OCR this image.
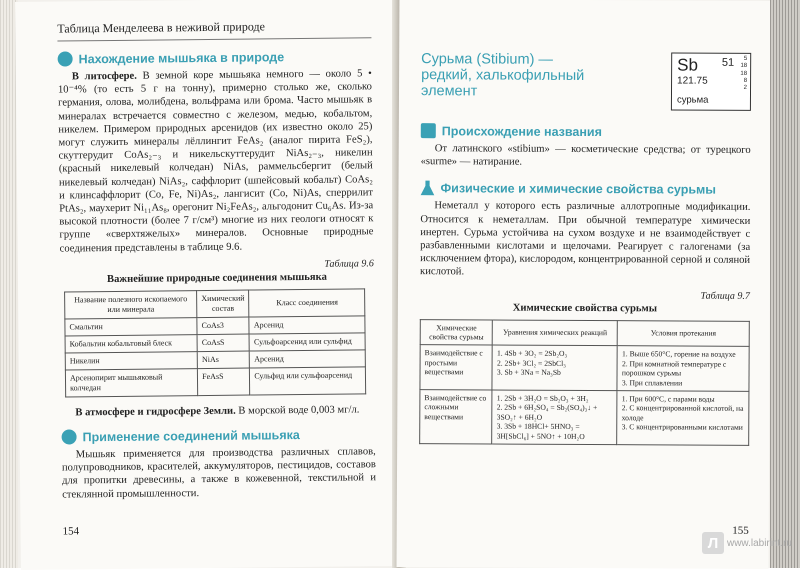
Таблица Менделеева в неживой природе
Нахождение мышьяка в природе

В литосфере. В земной коре мышьяка немного — около 5 • 10⁻⁴% (то есть 5 г на тонну), примерно столько же, сколько германия, олова, молибдена, вольфрама или брома. Часто мышьяк в минералах встречается совместно с железом, медью, кобальтом, никелем. Примером природных арсенидов (их известно около 25) могут служить минералы лёллингит FeAs₂ (аналог пирита FeS₂), скуттерудит CoAs₂₋₃ и никельскуттерудит NiAs₂₋₃, никелин (красный никелевый колчедан) NiAs, раммельсбергит (белый никелевый колчедан) NiAs₂, саффлорит (шпейсовый кобальт) CoAs₂ и клинсаффлорит (Co, Fe, Ni)As₂, лангисит (Co, Ni)As, сперрилит PtAs₂, маухерит Ni₁₁As₈, орегонит Ni₂FeAs₂, альгодонит Cu₆As. Из-за высокой плотности (более 7 г/см³) многие из них геологи относят к группе «сверхтяжелых» минералов. Основные природные соединения представлены в таблице 9.6.

Таблица 9.6
Важнейшие природные соединения мышьяка
Название полезного ископаемого или минерала	Химический состав	Класс соединения
Смальтин	CoAs3	Арсенид
Кобальтин кобальтовый блеск	CoAsS	Сульфоарсенид или сульфид
Никелин	NiAs	Арсенид
Арсенопирит мышьяковый колчедан	FeAsS	Сульфид или сульфоарсенид

В атмосфере и гидросфере Земли. В морской воде 0,003 мг/л.

Применение соединений мышьяка

Мышьяк применяется для производства различных сплавов, полупроводников, красителей, аккумуляторов, пестицидов, составов для пропитки древесины, а также в кожевенной, текстильной и стеклянной промышленности.

154
Сурьма (Stibium) —
редкий, халькофильный
элемент
Sb 51
121.75
сурьма
5
18
18
8
2
Происхождение названия

От латинского «stibium» — косметические средства; от турецкого «surme» — натирание.

Физические и химические свойства сурьмы

Неметалл у которого есть различные аллотропные модификации. Относится к неметаллам. При обычной температуре химически инертен. Сурьма устойчива на сухом воздухе и не взаимодействует с разбавленными кислотами и щелочами. Реагирует с галогенами (за исключением фтора), кислородом, концентрированной серной и соляной кислотой.

Таблица 9.7
Химические свойства сурьмы
Химические свойства сурьмы	Уравнения химических реакций	Условия протекания
Взаимодействие с простыми веществами	1. 4Sb + 3O₂ = 2Sb₂O₃
2. 2Sb+ 3Cl₂ = 2SbCl₃
3. Sb + 3Na = Na₃Sb	1. Выше 650°C, горение на воздухе
2. При комнатной температуре с порошком сурьмы
3. При сплавлении
Взаимодействие со сложными веществами	1. 2Sb + 3H₂O = Sb₂O₃ + 3H₂
2. 2Sb + 6H₂SO₄ = Sb₂(SO₄)₃↓ + 3SO₂↑ + 6H₂O
3. 3Sb + 18HCl+ 5HNO₃ = 3H[SbCl₆] + 5NO↑ + 10H₂O	1. При 600°C, с парами воды
2. С концентрированной кислотой, на холоде
3. С концентрированными кислотами
155
Л www.labirint.ru
